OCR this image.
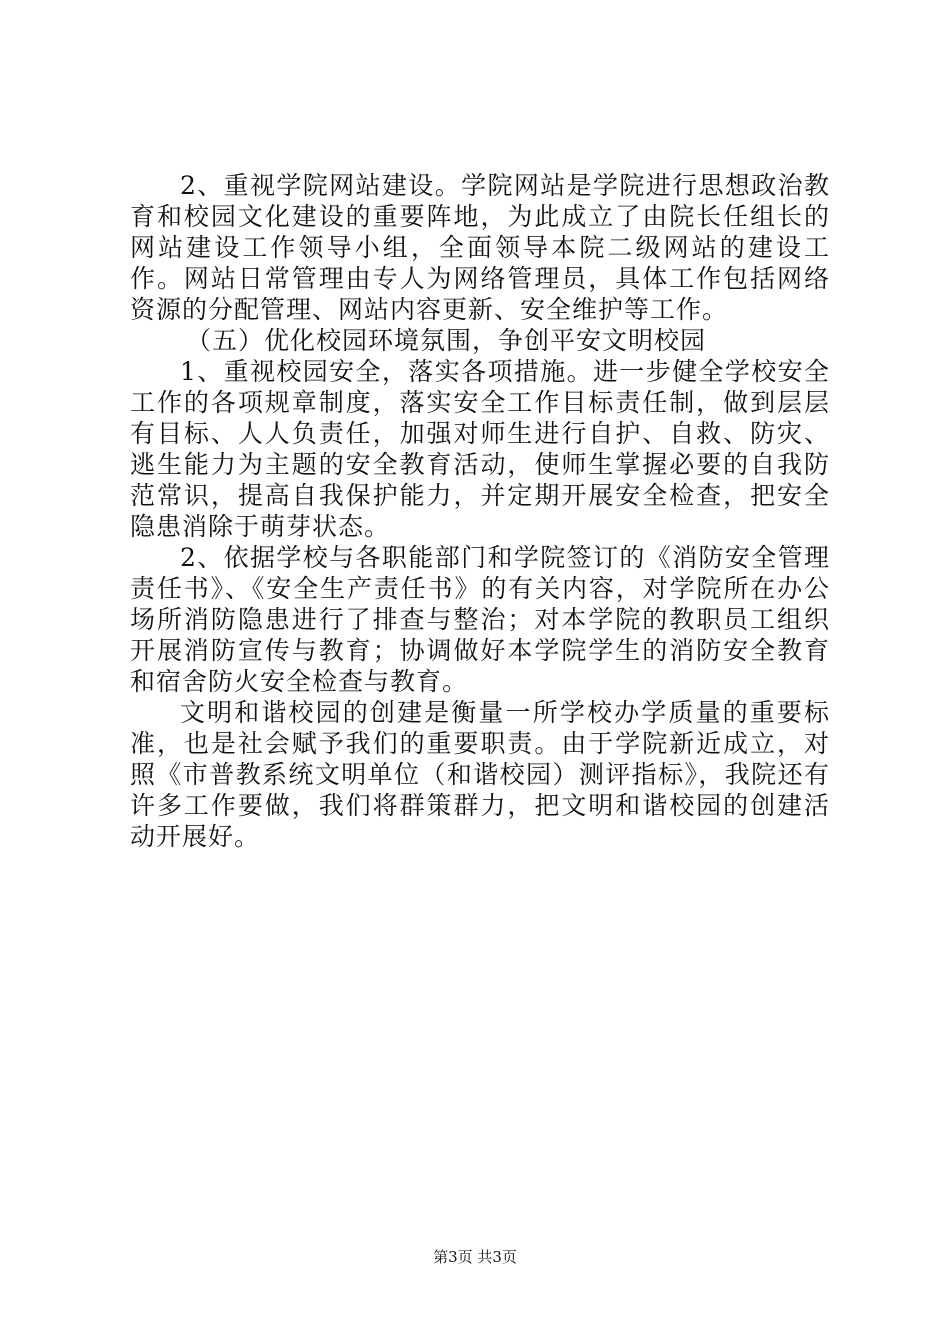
2、重视学院网站建设。学院网站是学院进行思想政治教育和校园文化建设的重要阵地，为此成立了由院长任组长的网站建设工作领导小组，全面领导本院二级网站的建设工作。网站日常管理由专人为网络管理员，具体工作包括网络资源的分配管理、网站内容更新、安全维护等工作。

（五）优化校园环境氛围，争创平安文明校园

1、重视校园安全，落实各项措施。进一步健全学校安全工作的各项规章制度，落实安全工作目标责任制，做到层层有目标、人人负责任，加强对师生进行自护、自救、防灾、逃生能力为主题的安全教育活动，使师生掌握必要的自我防范常识，提高自我保护能力，并定期开展安全检查，把安全隐患消除于萌芽状态。

2、依据学校与各职能部门和学院签订的《消防安全管理责任书》、《安全生产责任书》的有关内容，对学院所在办公场所消防隐患进行了排查与整治；对本学院的教职员工组织开展消防宣传与教育；协调做好本学院学生的消防安全教育和宿舍防火安全检查与教育。

文明和谐校园的创建是衡量一所学校办学质量的重要标准，也是社会赋予我们的重要职责。由于学院新近成立，对照《市普教系统文明单位（和谐校园）测评指标》，我院还有许多工作要做，我们将群策群力，把文明和谐校园的创建活动开展好。

第3页 共3页
